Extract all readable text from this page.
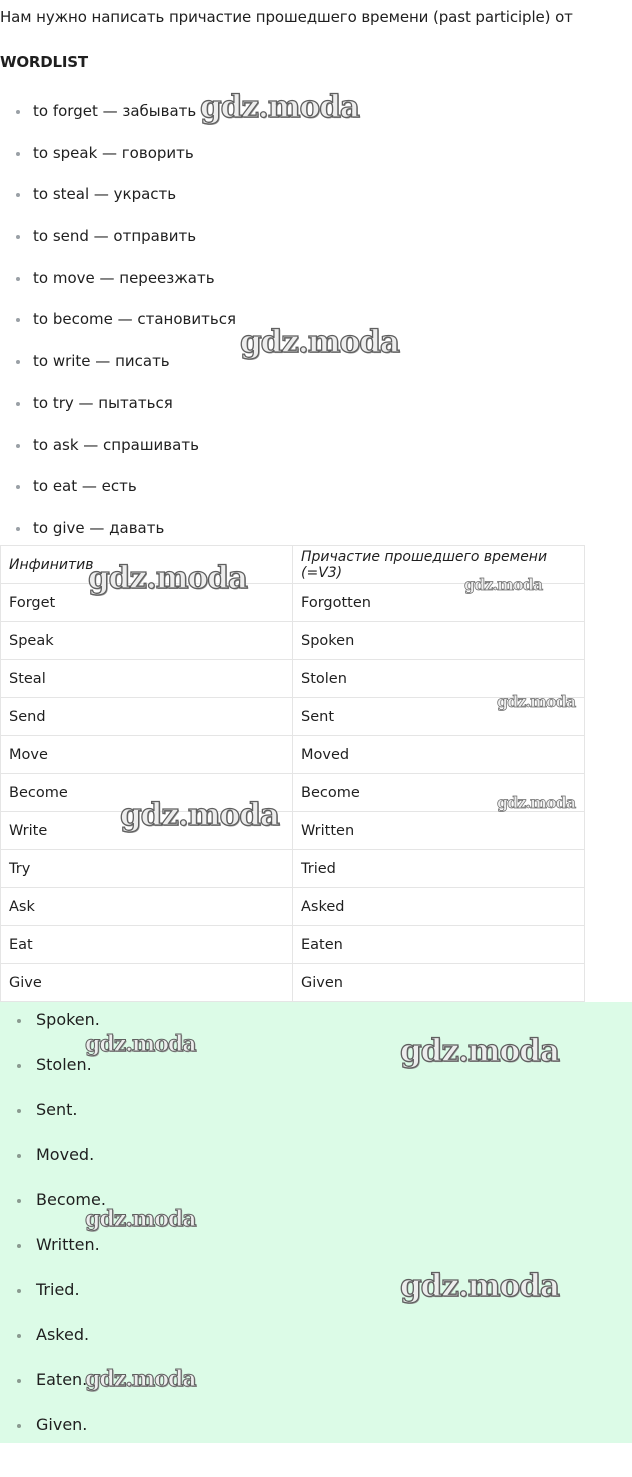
Нам нужно написать причастие прошедшего времени (past participle) от
WORDLIST
to forget — забывать
to speak — говорить
to steal — украсть
to send — отправить
to move — переезжать
to become — становиться
to write — писать
to try — пытаться
to ask — спрашивать
to eat — есть
to give — давать
Инфинитив	Причастие прошедшего времени (=V3)
Forget	Forgotten
Speak	Spoken
Steal	Stolen
Send	Sent
Move	Moved
Become	Become
Write	Written
Try	Tried
Ask	Asked
Eat	Eaten
Give	Given
Spoken.
Stolen.
Sent.
Moved.
Become.
Written.
Tried.
Asked.
Eaten.
Given.
gdz.moda
gdz.moda
gdz.moda	gdz.moda
gdz.moda
gdz.moda
gdz.moda
gdz.moda	gdz.moda
gdz.moda
gdz.moda
gdz.moda
